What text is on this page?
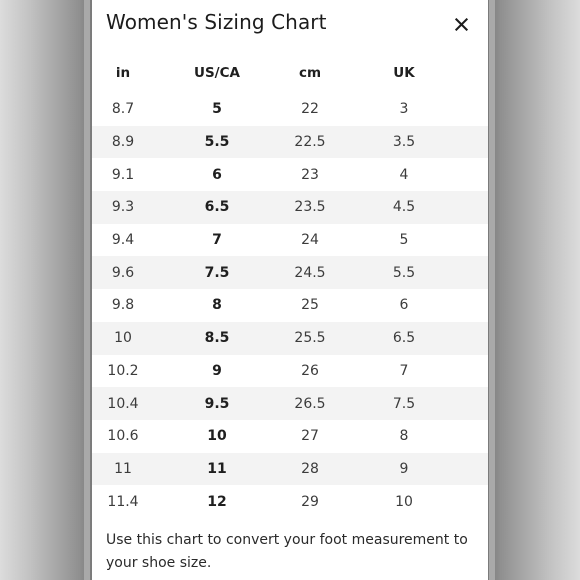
Women's Sizing Chart
in	US/CA	cm	UK
8.7	5	22	3
8.9	5.5	22.5	3.5
9.1	6	23	4
9.3	6.5	23.5	4.5
9.4	7	24	5
9.6	7.5	24.5	5.5
9.8	8	25	6
10	8.5	25.5	6.5
10.2	9	26	7
10.4	9.5	26.5	7.5
10.6	10	27	8
11	11	28	9
11.4	12	29	10
Use this chart to convert your foot measurement to your shoe size.
